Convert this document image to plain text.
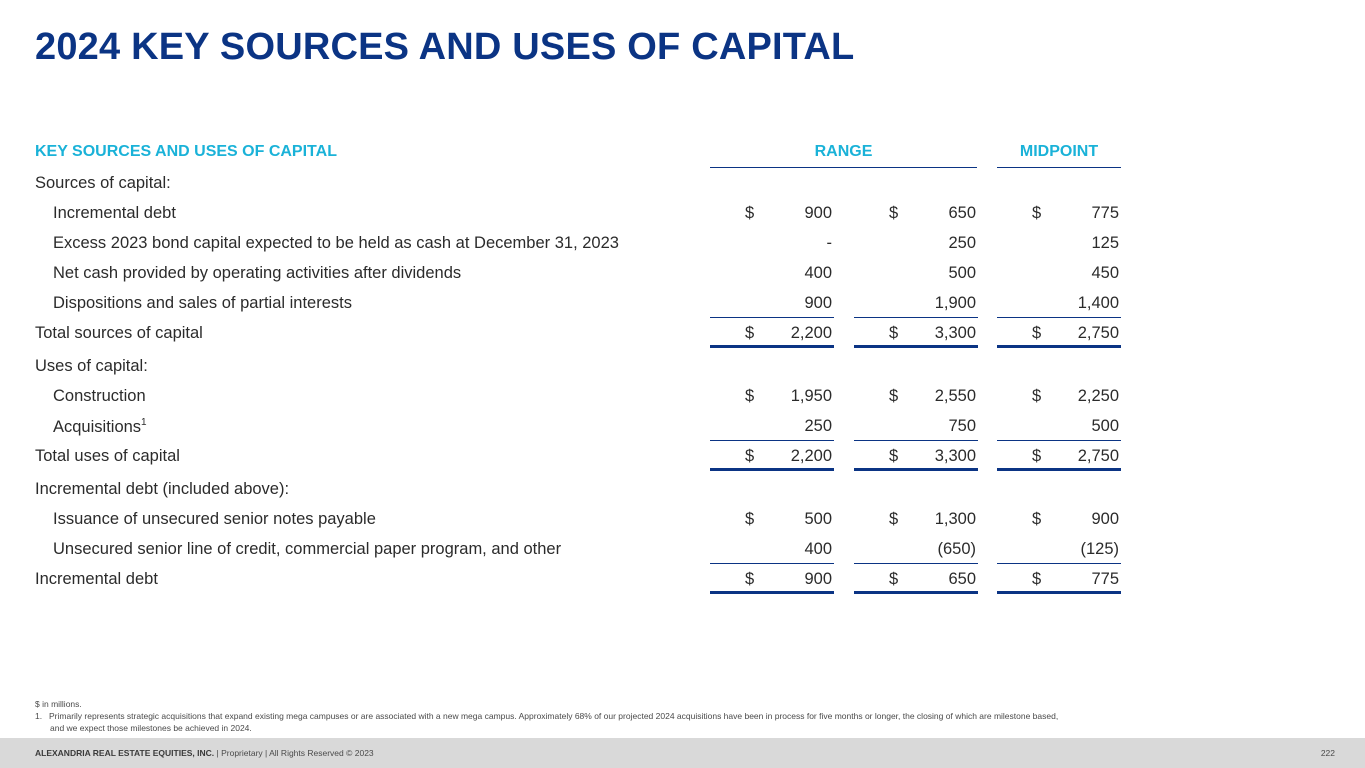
2024 KEY SOURCES AND USES OF CAPITAL
KEY SOURCES AND USES OF CAPITAL	RANGE	MIDPOINT
Sources of capital:
Incremental debt	$	900	$	650	$	775
Excess 2023 bond capital expected to be held as cash at December 31, 2023	-	250	125
Net cash provided by operating activities after dividends	400	500	450
Dispositions and sales of partial interests	900	1,900	1,400
Total sources of capital	$ 2,200	$ 3,300	$ 2,750
Uses of capital:
Construction	$ 1,950	$ 2,550	$ 2,250
Acquisitions$^1$	250	750	500
Total uses of capital	$ 2,200	$ 3,300	$ 2,750
Incremental debt (included above):
Issuance of unsecured senior notes payable	$	500	$ 1,300	$	900
Unsecured senior line of credit, commercial paper program, and other	400	(650)	(125)
Incremental debt	$	900	$	650	$	775
$ in millions.
1. Primarily represents strategic acquisitions that expand existing mega campuses or are associated with a new mega campus. Approximately 68% of our projected 2024 acquisitions have been in process for five months or longer, the closing of which are milestone based,
and we expect those milestones be achieved in 2024.
ALEXANDRIA REAL ESTATE EQUITIES, INC. | Proprietary | All Rights Reserved © 2023	222
